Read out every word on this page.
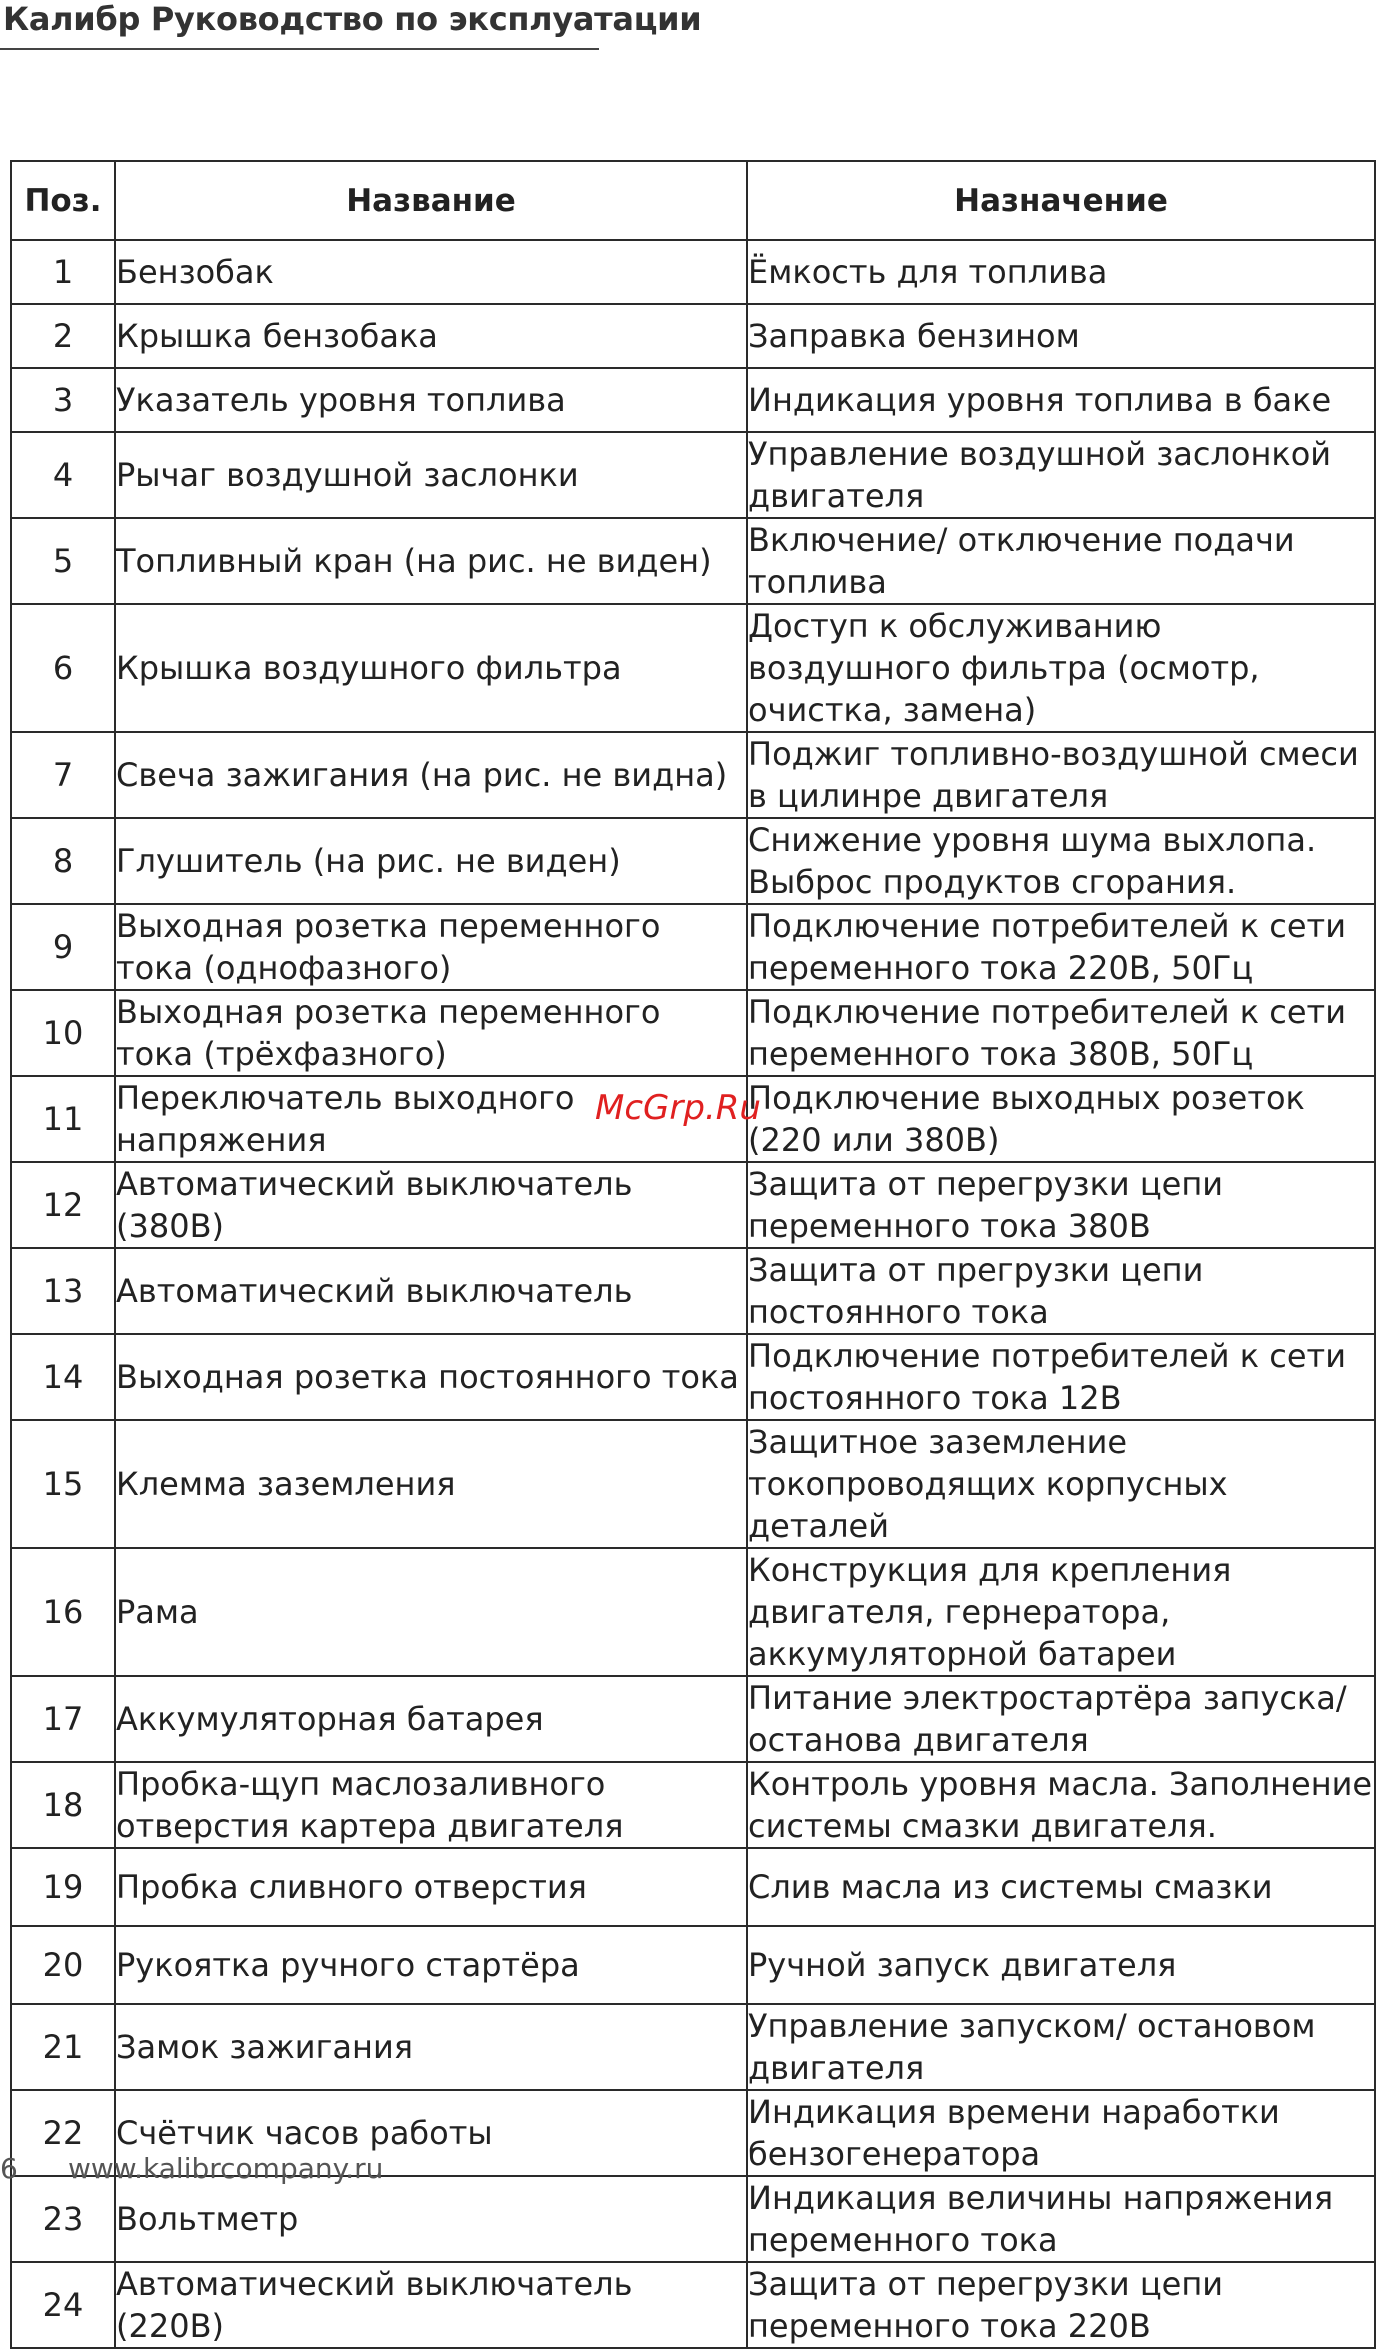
Калибр Руководство по эксплуатации
Поз.	Название	Назначение

1	Бензобак	Ёмкость для топлива

2	Крышка бензобака	Заправка бензином

3	Указатель уровня топлива	Индикация уровня топлива в баке

4	Рычаг воздушной заслонки	Управление воздушной заслонкой двигателя

5	Топливный кран (на рис. не виден)	Включение/ отключение подачи топлива

6	Крышка воздушного фильтра	Доступ к обслуживанию воздушного фильтра (осмотр, очистка, замена)

7	Свеча зажигания (на рис. не видна)	Поджиг топливно-воздушной смеси в цилинре двигателя

8	Глушитель (на рис. не виден)	Снижение уровня шума выхлопа. Выброс продуктов сгорания.

9	Выходная розетка переменного тока (однофазного)	Подключение потребителей к сети переменного тока 220В, 50Гц

10	Выходная розетка переменного тока (трёхфазного)	Подключение потребителей к сети переменного тока 380В, 50Гц

11	Переключатель выходного напряжения	Подключение выходных розеток (220 или 380В)

12	Автоматический выключатель (380В)	Защита от перегрузки цепи переменного тока 380В

13	Автоматический выключатель	Защита от прегрузки цепи постоянного тока

14	Выходная розетка постоянного тока	Подключение потребителей к сети постоянного тока 12В

15	Клемма заземления	Защитное заземление токопроводящих корпусных деталей

16	Рама	Конструкция для крепления двигателя, гернератора, аккумуляторной батареи

17	Аккумуляторная батарея	Питание электростартёра запуска/ останова двигателя

18	Пробка-щуп маслозаливного отверстия картера двигателя	Контроль уровня масла. Заполнение системы смазки двигателя.

19	Пробка сливного отверстия	Слив масла из системы смазки

20	Рукоятка ручного стартёра	Ручной запуск двигателя

21	Замок зажигания	Управление запуском/ остановом двигателя

22	Счётчик часов работы	Индикация времени наработки бензогенератора

23	Вольтметр	Индикация величины напряжения переменного тока

24	Автоматический выключатель (220В)	Защита от перегрузки цепи переменного тока 220В
McGrp.Ru
6 www.kalibrcompany.ru
